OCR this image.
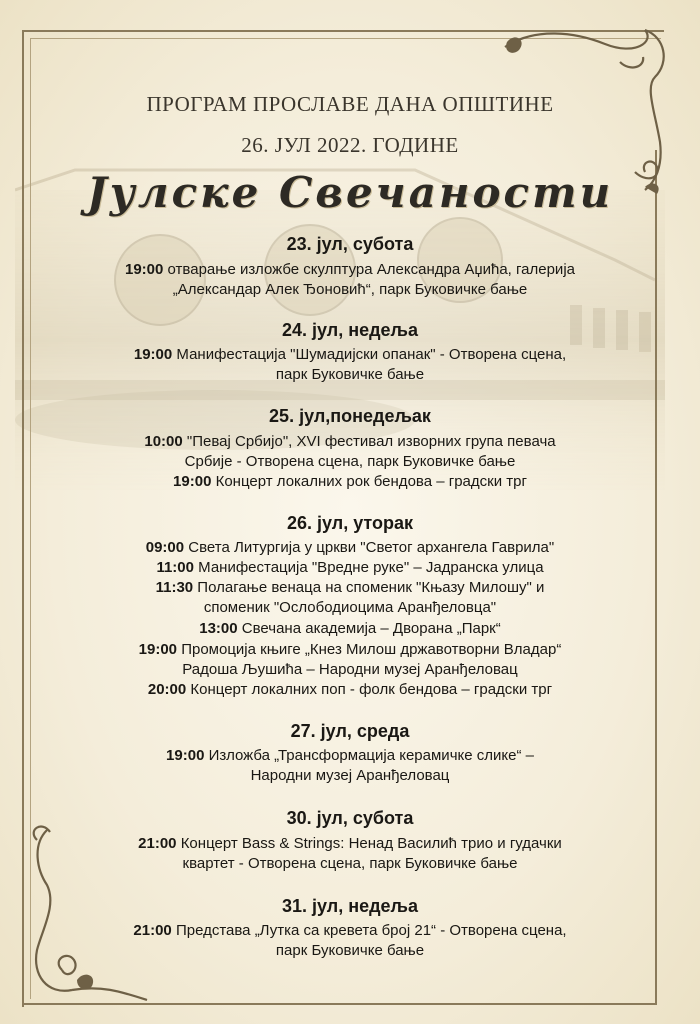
ПРОГРАМ ПРОСЛАВЕ ДАНА ОПШТИНЕ
26. ЈУЛ 2022. ГОДИНЕ
Јулске Свечаности
23. јул, субота
19:00 отварање изложбе скулптура Александра Аџића, галерија
„Александар Алек Ђоновић“, парк Буковичке бање
24. јул, недеља
19:00 Манифестација "Шумадијски опанак" - Отворена сцена,
парк Буковичке бање
25. јул,понедељак
10:00 "Певај Србијо", XVI фестивал изворних група певача
Србије - Отворена сцена, парк Буковичке бање
19:00 Концерт локалних рок бендова – градски трг
26. јул, уторак
09:00 Света Литургија у цркви "Светог архангела Гаврила"
11:00 Манифестација "Вредне руке" – Јадранска улица
11:30 Полагање венаца на споменик "Књазу Милошу" и
споменик "Ослободиоцима Аранђеловца"
13:00 Свечана академија – Дворана „Парк“
19:00 Промоција књиге „Кнез Милош државотворни Владар“
Радоша Љушића – Народни музеј Аранђеловац
20:00 Концерт локалних поп - фолк бендова – градски трг
27. јул, среда
19:00 Изложба „Трансформација керамичке слике“ –
Народни музеј Аранђеловац
30. јул, субота
21:00 Концерт Bass & Strings: Ненад Василић трио и гудачки
квартет - Отворена сцена, парк Буковичке бање
31. јул, недеља
21:00 Представа „Лутка са кревета број 21“ - Отворена сцена,
парк Буковичке бање
